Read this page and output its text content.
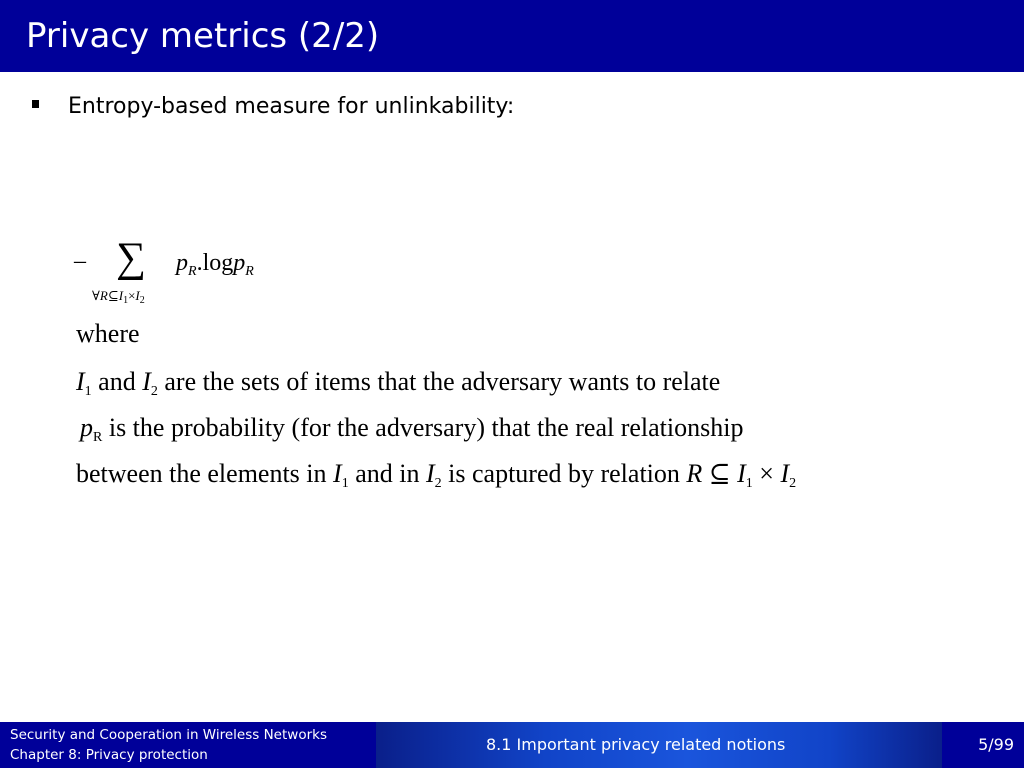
Privacy metrics (2/2)
Entropy-based measure for unlinkability:
– ∑
$\forall R⊆I_1\times I_2$
$p_R.\log p_R$
where
I1 and I2 are the sets of items that the adversary wants to relate
pR is the probability (for the adversary) that the real relationship
between the elements in I1 and in I2 is captured by relation R ⊆ I1 × I2
Security and Cooperation in Wireless Networks
Chapter 8: Privacy protection
8.1 Important privacy related notions	5/99
